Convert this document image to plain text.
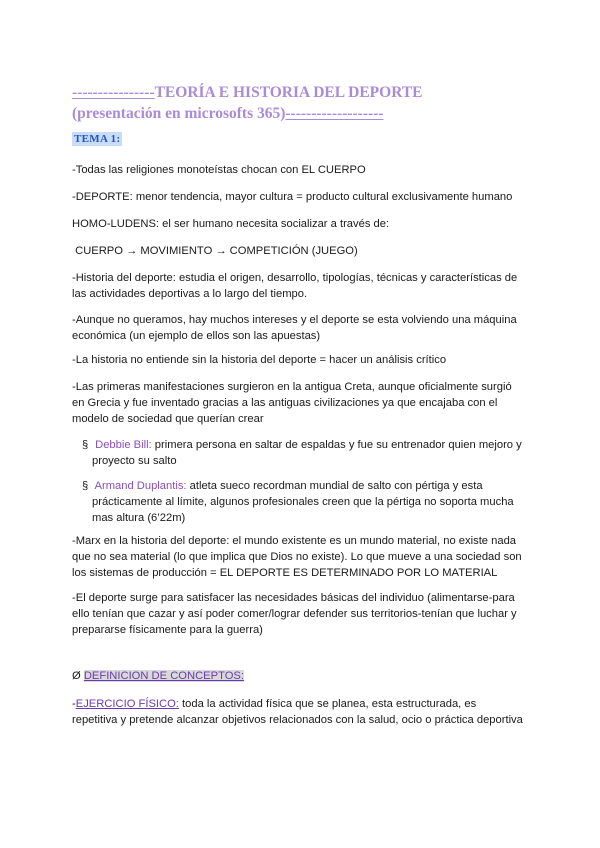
----------------TEORÍA E HISTORIA DEL DEPORTE (presentación en microsofts 365)-------------------

TEMA 1:

-Todas las religiones monoteístas chocan con EL CUERPO

-DEPORTE: menor tendencia, mayor cultura = producto cultural exclusivamente humano

HOMO-LUDENS: el ser humano necesita socializar a través de:

CUERPO → MOVIMIENTO → COMPETICIÓN (JUEGO)

-Historia del deporte: estudia el origen, desarrollo, tipologías, técnicas y características de las actividades deportivas a lo largo del tiempo.

-Aunque no queramos, hay muchos intereses y el deporte se esta volviendo una máquina económica (un ejemplo de ellos son las apuestas)

-La historia no entiende sin la historia del deporte = hacer un análisis crítico

-Las primeras manifestaciones surgieron en la antigua Creta, aunque oficialmente surgió en Grecia y fue inventado gracias a las antiguas civilizaciones ya que encajaba con el modelo de sociedad que querían crear

§ Debbie Bill: primera persona en saltar de espaldas y fue su entrenador quien mejoro y proyecto su salto

§ Armand Duplantis: atleta sueco recordman mundial de salto con pértiga y esta prácticamente al límite, algunos profesionales creen que la pértiga no soporta mucha mas altura (6’22m)

-Marx en la historia del deporte: el mundo existente es un mundo material, no existe nada que no sea material (lo que implica que Dios no existe). Lo que mueve a una sociedad son los sistemas de producción = EL DEPORTE ES DETERMINADO POR LO MATERIAL

-El deporte surge para satisfacer las necesidades básicas del individuo (alimentarse-para ello tenían que cazar y así poder comer/lograr defender sus territorios-tenían que luchar y prepararse físicamente para la guerra)

Ø DEFINICION DE CONCEPTOS:

-EJERCICIO FÍSICO: toda la actividad física que se planea, esta estructurada, es repetitiva y pretende alcanzar objetivos relacionados con la salud, ocio o práctica deportiva
